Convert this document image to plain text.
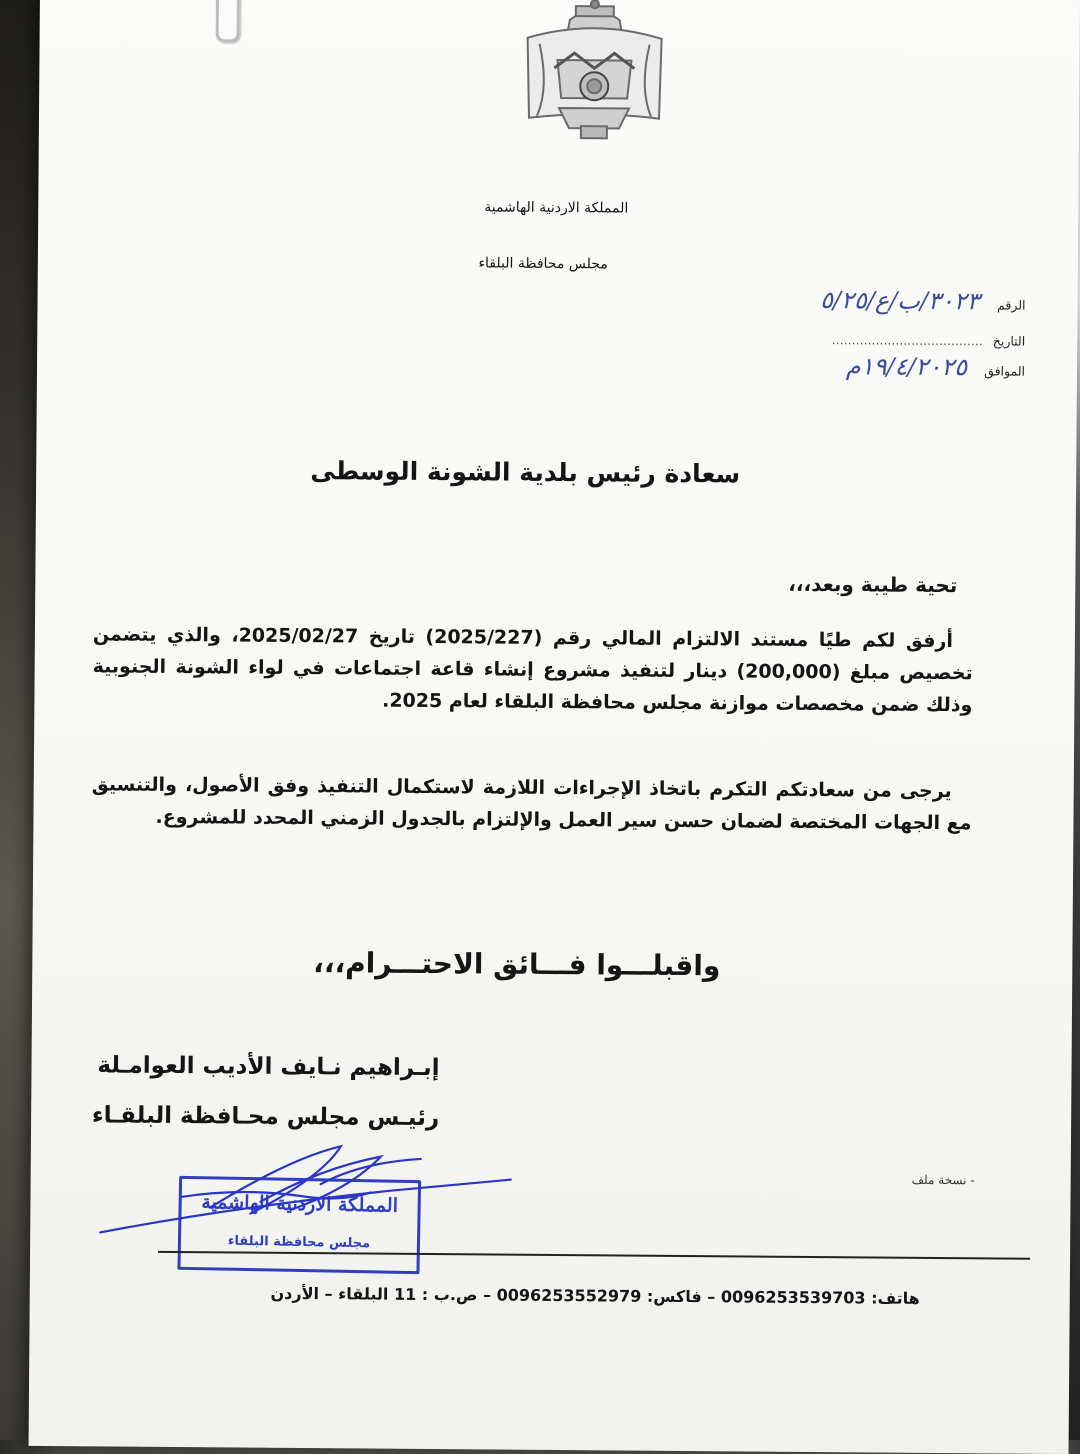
المملكة الاردنية الهاشمية
مجلس محافظة البلقاء
الرقم
٣٠٢٣/ب/ع/٥/٢٥
التاريخ ......................................
الموافق
١٩/٤/٢٠٢٥م
سعادة رئيس بلدية الشونة الوسطى
تحية طيبة وبعد،،،

أرفق لكم طيًا مستند الالتزام المالي رقم (2025/227) تاريخ 2025/02/27، والذي يتضمن تخصيص مبلغ (200,000) دينار لتنفيذ مشروع إنشاء قاعة اجتماعات في لواء الشونة الجنوبية وذلك ضمن مخصصات موازنة مجلس محافظة البلقاء لعام 2025.

يرجى من سعادتكم التكرم باتخاذ الإجراءات اللازمة لاستكمال التنفيذ وفق الأصول، والتنسيق مع الجهات المختصة لضمان حسن سير العمل والإلتزام بالجدول الزمني المحدد للمشروع.

واقبلـــوا فـــائق الاحتـــرام،،،
إبـراهيم نـايف الأديب العوامـلة
رئيـس مجلس محـافظة البلقـاء
- نسخة ملف
المملكة الاردنية الهاشمية
مجلس محافظة البلقاء
هاتف: 0096253539703 – فاكس: 0096253552979 – ص.ب : 11 البلقاء – الأردن
